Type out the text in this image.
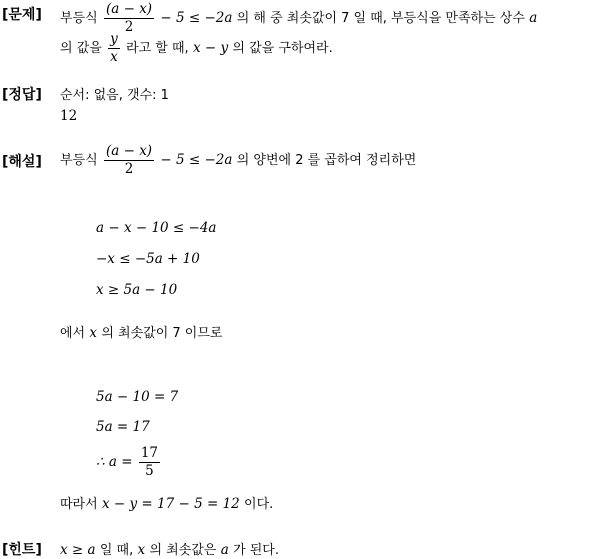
[문제] 부등식 $\frac{(a - x)}{2} - 5 \le -2a$ 의 해 중 최솟값이 7 일 때, 부등식을 만족하는 상수 a
의 값을 $\frac{y}{x}$ 라고 할 때, x − y 의 값을 구하여라.
[정답] 순서: 없음, 갯수: 1
12
[해설] 부등식 $\frac{(a - x)}{2} - 5 \le -2a$ 의 양변에 2 를 곱하여 정리하면
a − x − 10 ≤ −4a
−x ≤ −5a + 10
x ≥ 5a − 10
에서 x 의 최솟값이 7 이므로
5a − 10 = 7
5a = 17
∴ $a = \frac{17}{5}$
따라서 x − y = 17 − 5 = 12 이다.
[힌트] x ≥ a 일 때, x 의 최솟값은 a 가 된다.
